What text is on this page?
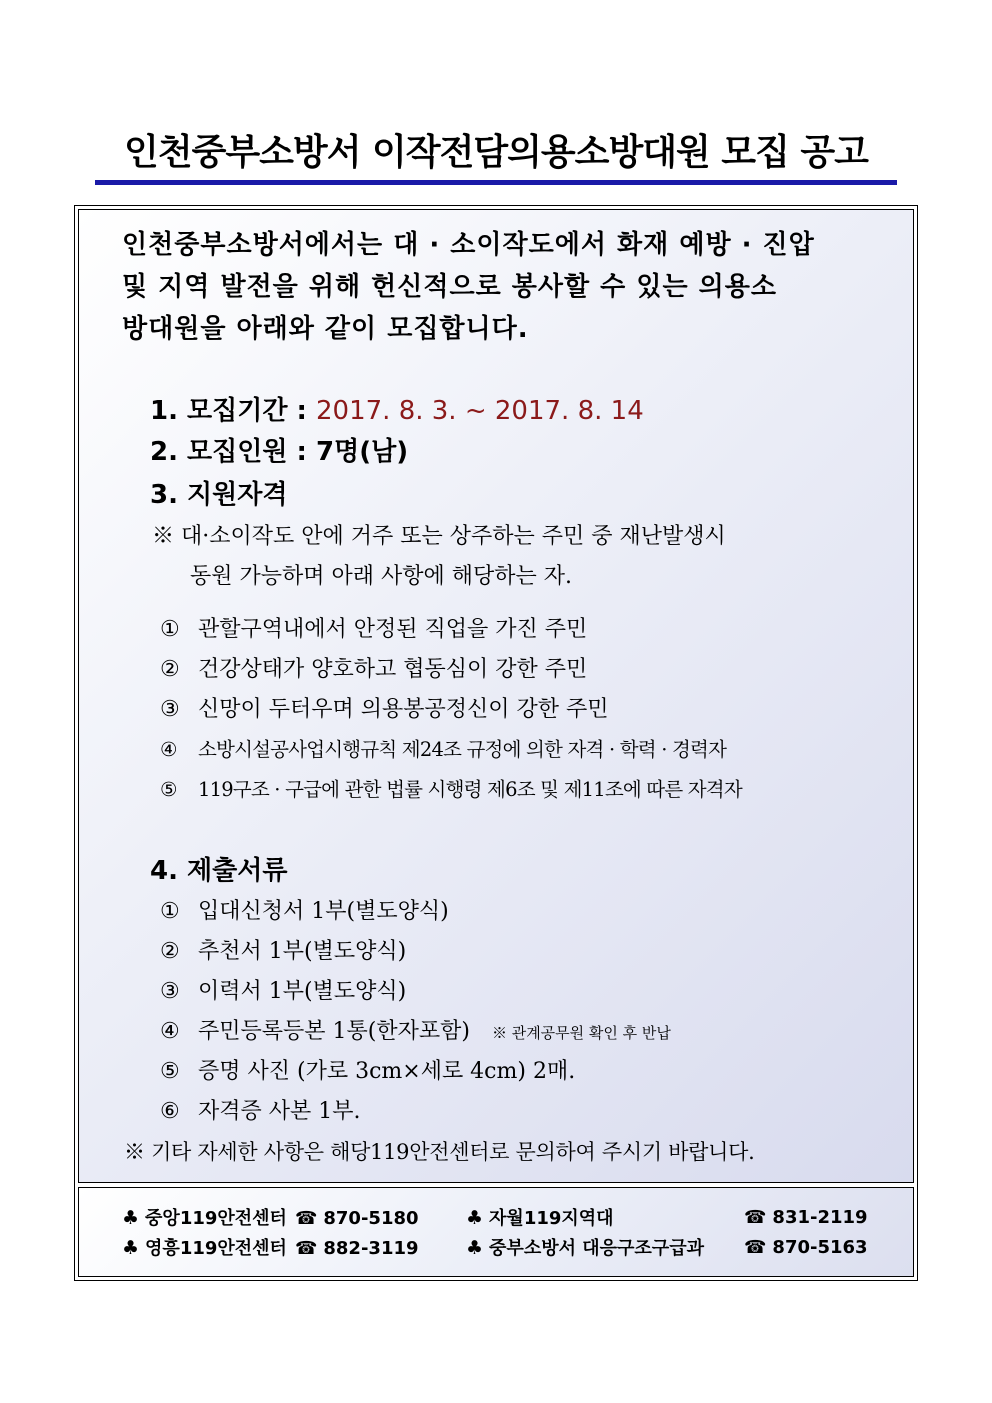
인천중부소방서 이작전담의용소방대원 모집 공고
인천중부소방서에서는 대 · 소이작도에서 화재 예방 · 진압
및 지역 발전을 위해 헌신적으로 봉사할 수 있는 의용소
방대원을 아래와 같이 모집합니다.
1. 모집기간 : 2017. 8. 3. ~ 2017. 8. 14
2. 모집인원 : 7명(남)
3. 지원자격
※ 대·소이작도 안에 거주 또는 상주하는 주민 중 재난발생시
동원 가능하며 아래 사항에 해당하는 자.
① 관할구역내에서 안정된 직업을 가진 주민
② 건강상태가 양호하고 협동심이 강한 주민
③ 신망이 두터우며 의용봉공정신이 강한 주민
④ 소방시설공사업시행규칙 제24조 규정에 의한 자격 · 학력 · 경력자
⑤ 119구조 · 구급에 관한 법률 시행령 제6조 및 제11조에 따른 자격자
4. 제출서류
① 입대신청서 1부(별도양식)
② 추천서 1부(별도양식)
③ 이력서 1부(별도양식)
④ 주민등록등본 1통(한자포함) ※ 관계공무원 확인 후 반납
⑤ 증명 사진 (가로 3cm×세로 4cm) 2매.
⑥ 자격증 사본 1부.
※ 기타 자세한 사항은 해당119안전센터로 문의하여 주시기 바랍니다.
♣ 중앙119안전센터 ☎ 870-5180 ♣ 자월119지역대	☎ 831-2119
♣ 영흥119안전센터 ☎ 882-3119 ♣ 중부소방서 대응구조구급과 ☎ 870-5163
